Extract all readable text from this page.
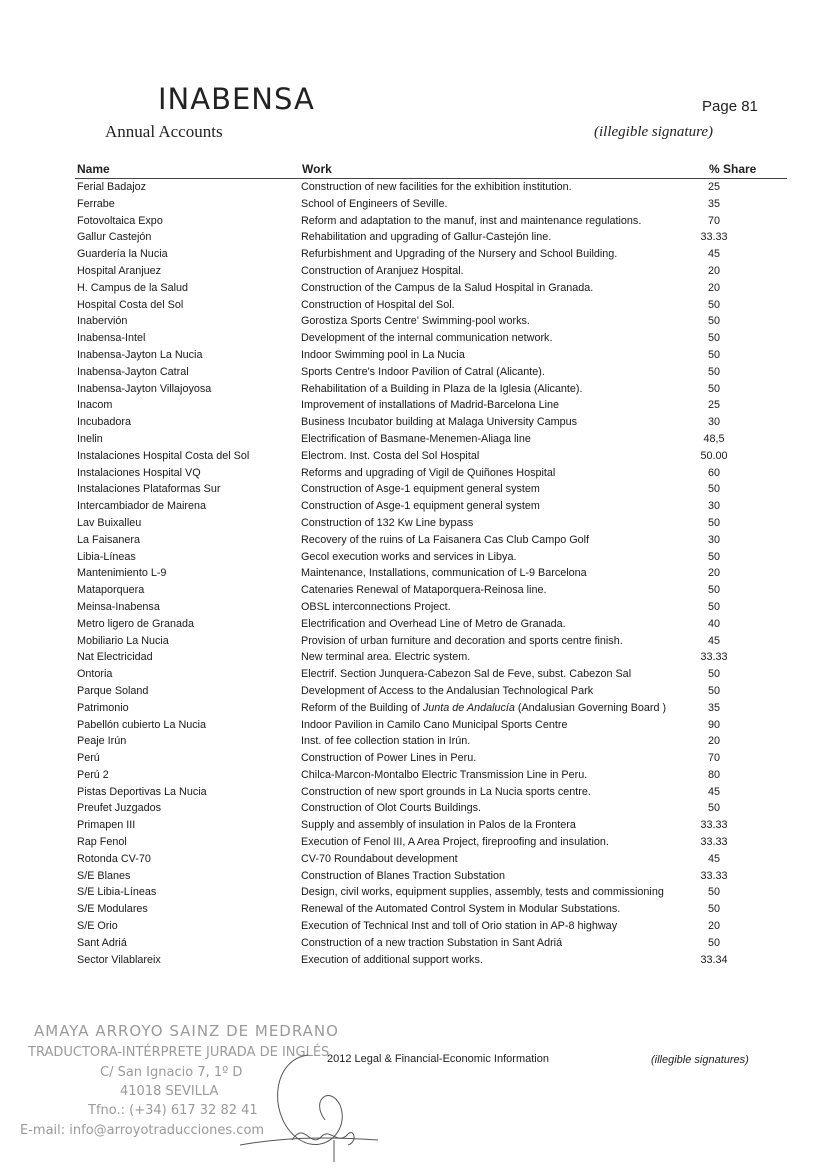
INABENSA
Annual Accounts
Page 81
(illegible signature)
Name	Work	% Share
Ferial Badajoz	Construction of new facilities for the exhibition institution.	25
Ferrabe	School of Engineers of Seville.	35
Fotovoltaica Expo	Reform and adaptation to the manuf, inst and maintenance regulations.	70
Gallur Castejón	Rehabilitation and upgrading of Gallur-Castejón line.	33.33
Guardería la Nucia	Refurbishment and Upgrading of the Nursery and School Building.	45
Hospital Aranjuez	Construction of Aranjuez Hospital.	20
H. Campus de la Salud	Construction of the Campus de la Salud Hospital in Granada.	20
Hospital Costa del Sol	Construction of Hospital del Sol.	50
Inabervión	Gorostiza Sports Centre' Swimming-pool works.	50
Inabensa-Intel	Development of the internal communication network.	50
Inabensa-Jayton La Nucia	Indoor Swimming pool in La Nucia	50
Inabensa-Jayton Catral	Sports Centre's Indoor Pavilion of Catral (Alicante).	50
Inabensa-Jayton Villajoyosa	Rehabilitation of a Building in Plaza de la Iglesia (Alicante).	50
Inacom	Improvement of installations of Madrid-Barcelona Line	25
Incubadora	Business Incubator building at Malaga University Campus	30
Inelin	Electrification of Basmane-Menemen-Aliaga line	48,5
Instalaciones Hospital Costa del Sol	Electrom. Inst. Costa del Sol Hospital	50.00
Instalaciones Hospital VQ	Reforms and upgrading of Vigil de Quiñones Hospital	60
Instalaciones Plataformas Sur	Construction of Asge-1 equipment general system	50
Intercambiador de Mairena	Construction of Asge-1 equipment general system	30
Lav Buixalleu	Construction of 132 Kw Line bypass	50
La Faisanera	Recovery of the ruins of La Faisanera Cas Club Campo Golf	30
Libia-Líneas	Gecol execution works and services in Libya.	50
Mantenimiento L-9	Maintenance, Installations, communication of L-9 Barcelona	20
Mataporquera	Catenaries Renewal of Mataporquera-Reinosa line.	50
Meinsa-Inabensa	OBSL interconnections Project.	50
Metro ligero de Granada	Electrification and Overhead Line of Metro de Granada.	40
Mobiliario La Nucia	Provision of urban furniture and decoration and sports centre finish.	45
Nat Electricidad	New terminal area. Electric system.	33.33
Ontoria	Electrif. Section Junquera-Cabezon Sal de Feve, subst. Cabezon Sal	50
Parque Soland	Development of Access to the Andalusian Technological Park	50
Patrimonio	Reform of the Building of Junta de Andalucía (Andalusian Governing Board )	35
Pabellón cubierto La Nucia	Indoor Pavilion in Camilo Cano Municipal Sports Centre	90
Peaje Irún	Inst. of fee collection station in Irún.	20
Perú	Construction of Power Lines in Peru.	70
Perú 2	Chilca-Marcon-Montalbo Electric Transmission Line in Peru.	80
Pistas Deportivas La Nucia	Construction of new sport grounds in La Nucia sports centre.	45
Preufet Juzgados	Construction of Olot Courts Buildings.	50
Primapen III	Supply and assembly of insulation in Palos de la Frontera	33.33
Rap Fenol	Execution of Fenol III, A Area Project, fireproofing and insulation.	33.33
Rotonda CV-70	CV-70 Roundabout development	45
S/E Blanes	Construction of Blanes Traction Substation	33.33
S/E Libia-Líneas	Design, civil works, equipment supplies, assembly, tests and commissioning	50
S/E Modulares	Renewal of the Automated Control System in Modular Substations.	50
S/E Orio	Execution of Technical Inst and toll of Orio station in AP-8 highway	20
Sant Adriá	Construction of a new traction Substation in Sant Adriá	50
Sector Vilablareix	Execution of additional support works.	33.34
AMAYA ARROYO SAINZ DE MEDRANO
TRADUCTORA-INTÉRPRETE JURADA DE INGLÉS
C/ San Ignacio 7, 1º D
41018 SEVILLA
Tfno.: (+34) 617 32 82 41
E-mail: info@arroyotraducciones.com
2012 Legal & Financial-Economic Information	(illegible signatures)
